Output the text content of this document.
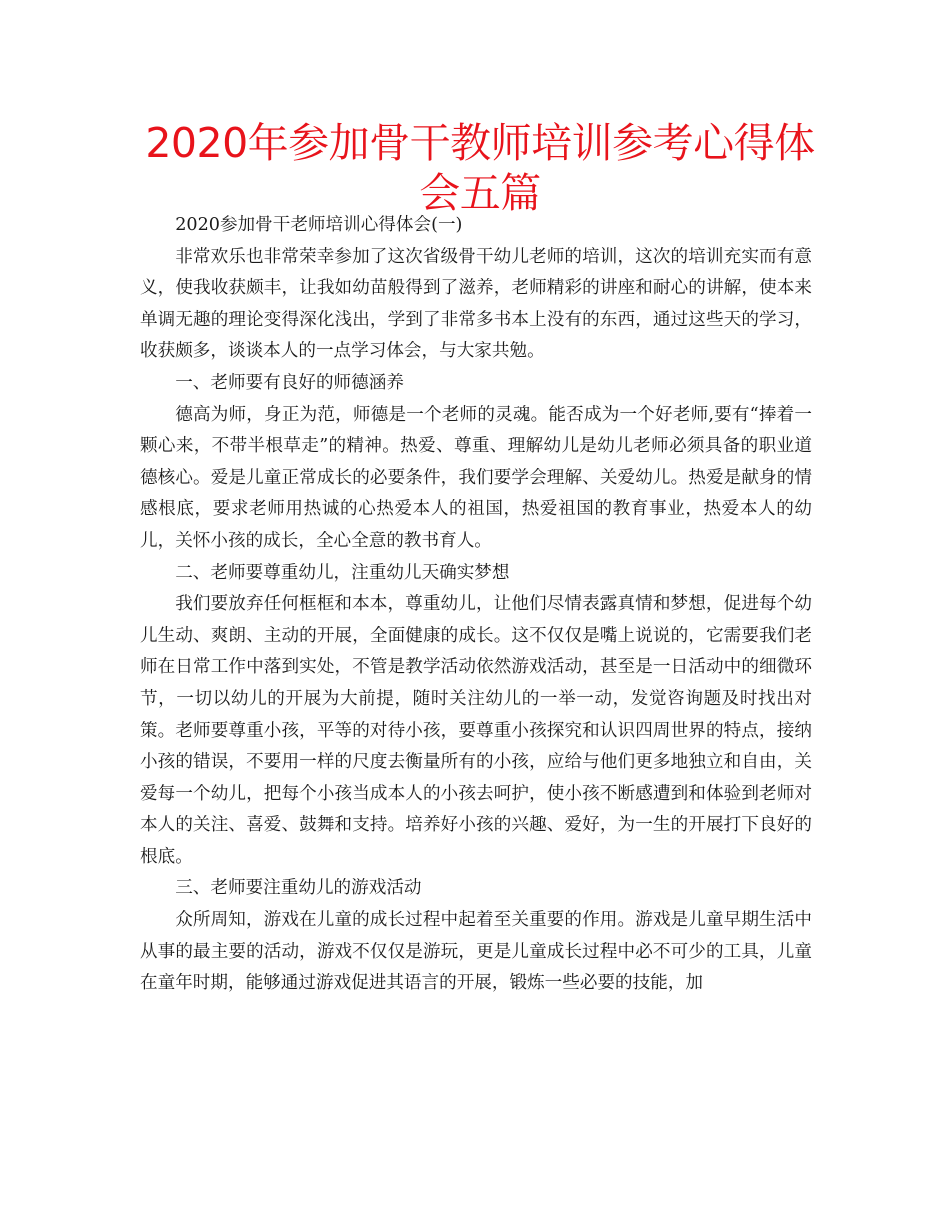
2020年参加骨干教师培训参考心得体会五篇

2020参加骨干老师培训心得体会(一)

非常欢乐也非常荣幸参加了这次省级骨干幼儿老师的培训，这次的培训充实而有意义，使我收获颇丰，让我如幼苗般得到了滋养，老师精彩的讲座和耐心的讲解，使本来单调无趣的理论变得深化浅出，学到了非常多书本上没有的东西，通过这些天的学习，收获颇多，谈谈本人的一点学习体会，与大家共勉。

一、老师要有良好的师德涵养

德高为师，身正为范，师德是一个老师的灵魂。能否成为一个好老师,要有“捧着一颗心来，不带半根草走”的精神。热爱、尊重、理解幼儿是幼儿老师必须具备的职业道德核心。爱是儿童正常成长的必要条件，我们要学会理解、关爱幼儿。热爱是献身的情感根底，要求老师用热诚的心热爱本人的祖国，热爱祖国的教育事业，热爱本人的幼儿，关怀小孩的成长，全心全意的教书育人。

二、老师要尊重幼儿，注重幼儿天确实梦想

我们要放弃任何框框和本本，尊重幼儿，让他们尽情表露真情和梦想，促进每个幼儿生动、爽朗、主动的开展，全面健康的成长。这不仅仅是嘴上说说的，它需要我们老师在日常工作中落到实处，不管是教学活动依然游戏活动，甚至是一日活动中的细微环节，一切以幼儿的开展为大前提，随时关注幼儿的一举一动，发觉咨询题及时找出对策。老师要尊重小孩，平等的对待小孩，要尊重小孩探究和认识四周世界的特点，接纳小孩的错误，不要用一样的尺度去衡量所有的小孩，应给与他们更多地独立和自由，关爱每一个幼儿，把每个小孩当成本人的小孩去呵护，使小孩不断感遭到和体验到老师对本人的关注、喜爱、鼓舞和支持。培养好小孩的兴趣、爱好，为一生的开展打下良好的根底。

三、老师要注重幼儿的游戏活动

众所周知，游戏在儿童的成长过程中起着至关重要的作用。游戏是儿童早期生活中从事的最主要的活动，游戏不仅仅是游玩，更是儿童成长过程中必不可少的工具，儿童在童年时期，能够通过游戏促进其语言的开展，锻炼一些必要的技能，加
